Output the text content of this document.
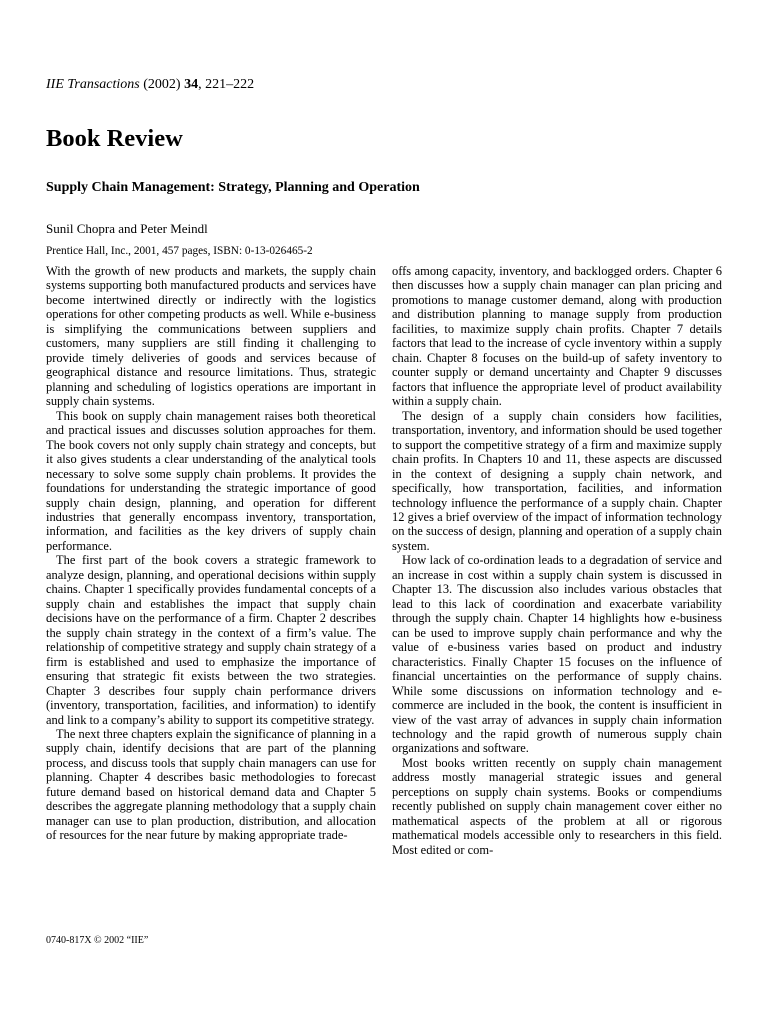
IIE Transactions (2002) 34, 221–222
Book Review
Supply Chain Management: Strategy, Planning and Operation
Sunil Chopra and Peter Meindl
Prentice Hall, Inc., 2001, 457 pages, ISBN: 0-13-026465-2

With the growth of new products and markets, the supply chain systems supporting both manufactured products and services have become intertwined directly or indirectly with the logistics operations for other competing products as well. While e-business is simplifying the communications between suppliers and customers, many suppliers are still finding it challenging to provide timely deliveries of goods and services because of geographical distance and resource limitations. Thus, strategic planning and scheduling of logistics operations are important in supply chain systems.

This book on supply chain management raises both theoretical and practical issues and discusses solution approaches for them. The book covers not only supply chain strategy and concepts, but it also gives students a clear understanding of the analytical tools necessary to solve some supply chain problems. It provides the foundations for understanding the strategic importance of good supply chain design, planning, and operation for different industries that generally encompass inventory, transportation, information, and facilities as the key drivers of supply chain performance.

The first part of the book covers a strategic framework to analyze design, planning, and operational decisions within supply chains. Chapter 1 specifically provides fundamental concepts of a supply chain and establishes the impact that supply chain decisions have on the performance of a firm. Chapter 2 describes the supply chain strategy in the context of a firm’s value. The relationship of competitive strategy and supply chain strategy of a firm is established and used to emphasize the importance of ensuring that strategic fit exists between the two strategies. Chapter 3 describes four supply chain performance drivers (inventory, transportation, facilities, and information) to identify and link to a company’s ability to support its competitive strategy.

The next three chapters explain the significance of planning in a supply chain, identify decisions that are part of the planning process, and discuss tools that supply chain managers can use for planning. Chapter 4 describes basic methodologies to forecast future demand based on historical demand data and Chapter 5 describes the aggregate planning methodology that a supply chain manager can use to plan production, distribution, and allocation of resources for the near future by making appropriate trade-

offs among capacity, inventory, and backlogged orders. Chapter 6 then discusses how a supply chain manager can plan pricing and promotions to manage customer demand, along with production and distribution planning to manage supply from production facilities, to maximize supply chain profits. Chapter 7 details factors that lead to the increase of cycle inventory within a supply chain. Chapter 8 focuses on the build-up of safety inventory to counter supply or demand uncertainty and Chapter 9 discusses factors that influence the appropriate level of product availability within a supply chain.

The design of a supply chain considers how facilities, transportation, inventory, and information should be used together to support the competitive strategy of a firm and maximize supply chain profits. In Chapters 10 and 11, these aspects are discussed in the context of designing a supply chain network, and specifically, how transportation, facilities, and information technology influence the performance of a supply chain. Chapter 12 gives a brief overview of the impact of information technology on the success of design, planning and operation of a supply chain system.

How lack of co-ordination leads to a degradation of service and an increase in cost within a supply chain system is discussed in Chapter 13. The discussion also includes various obstacles that lead to this lack of coordination and exacerbate variability through the supply chain. Chapter 14 highlights how e-business can be used to improve supply chain performance and why the value of e-business varies based on product and industry characteristics. Finally Chapter 15 focuses on the influence of financial uncertainties on the performance of supply chains. While some discussions on information technology and e-commerce are included in the book, the content is insufficient in view of the vast array of advances in supply chain information technology and the rapid growth of numerous supply chain organizations and software.

Most books written recently on supply chain management address mostly managerial strategic issues and general perceptions on supply chain systems. Books or compendiums recently published on supply chain management cover either no mathematical aspects of the problem at all or rigorous mathematical models accessible only to researchers in this field. Most edited or com-

0740-817X © 2002 “IIE”
